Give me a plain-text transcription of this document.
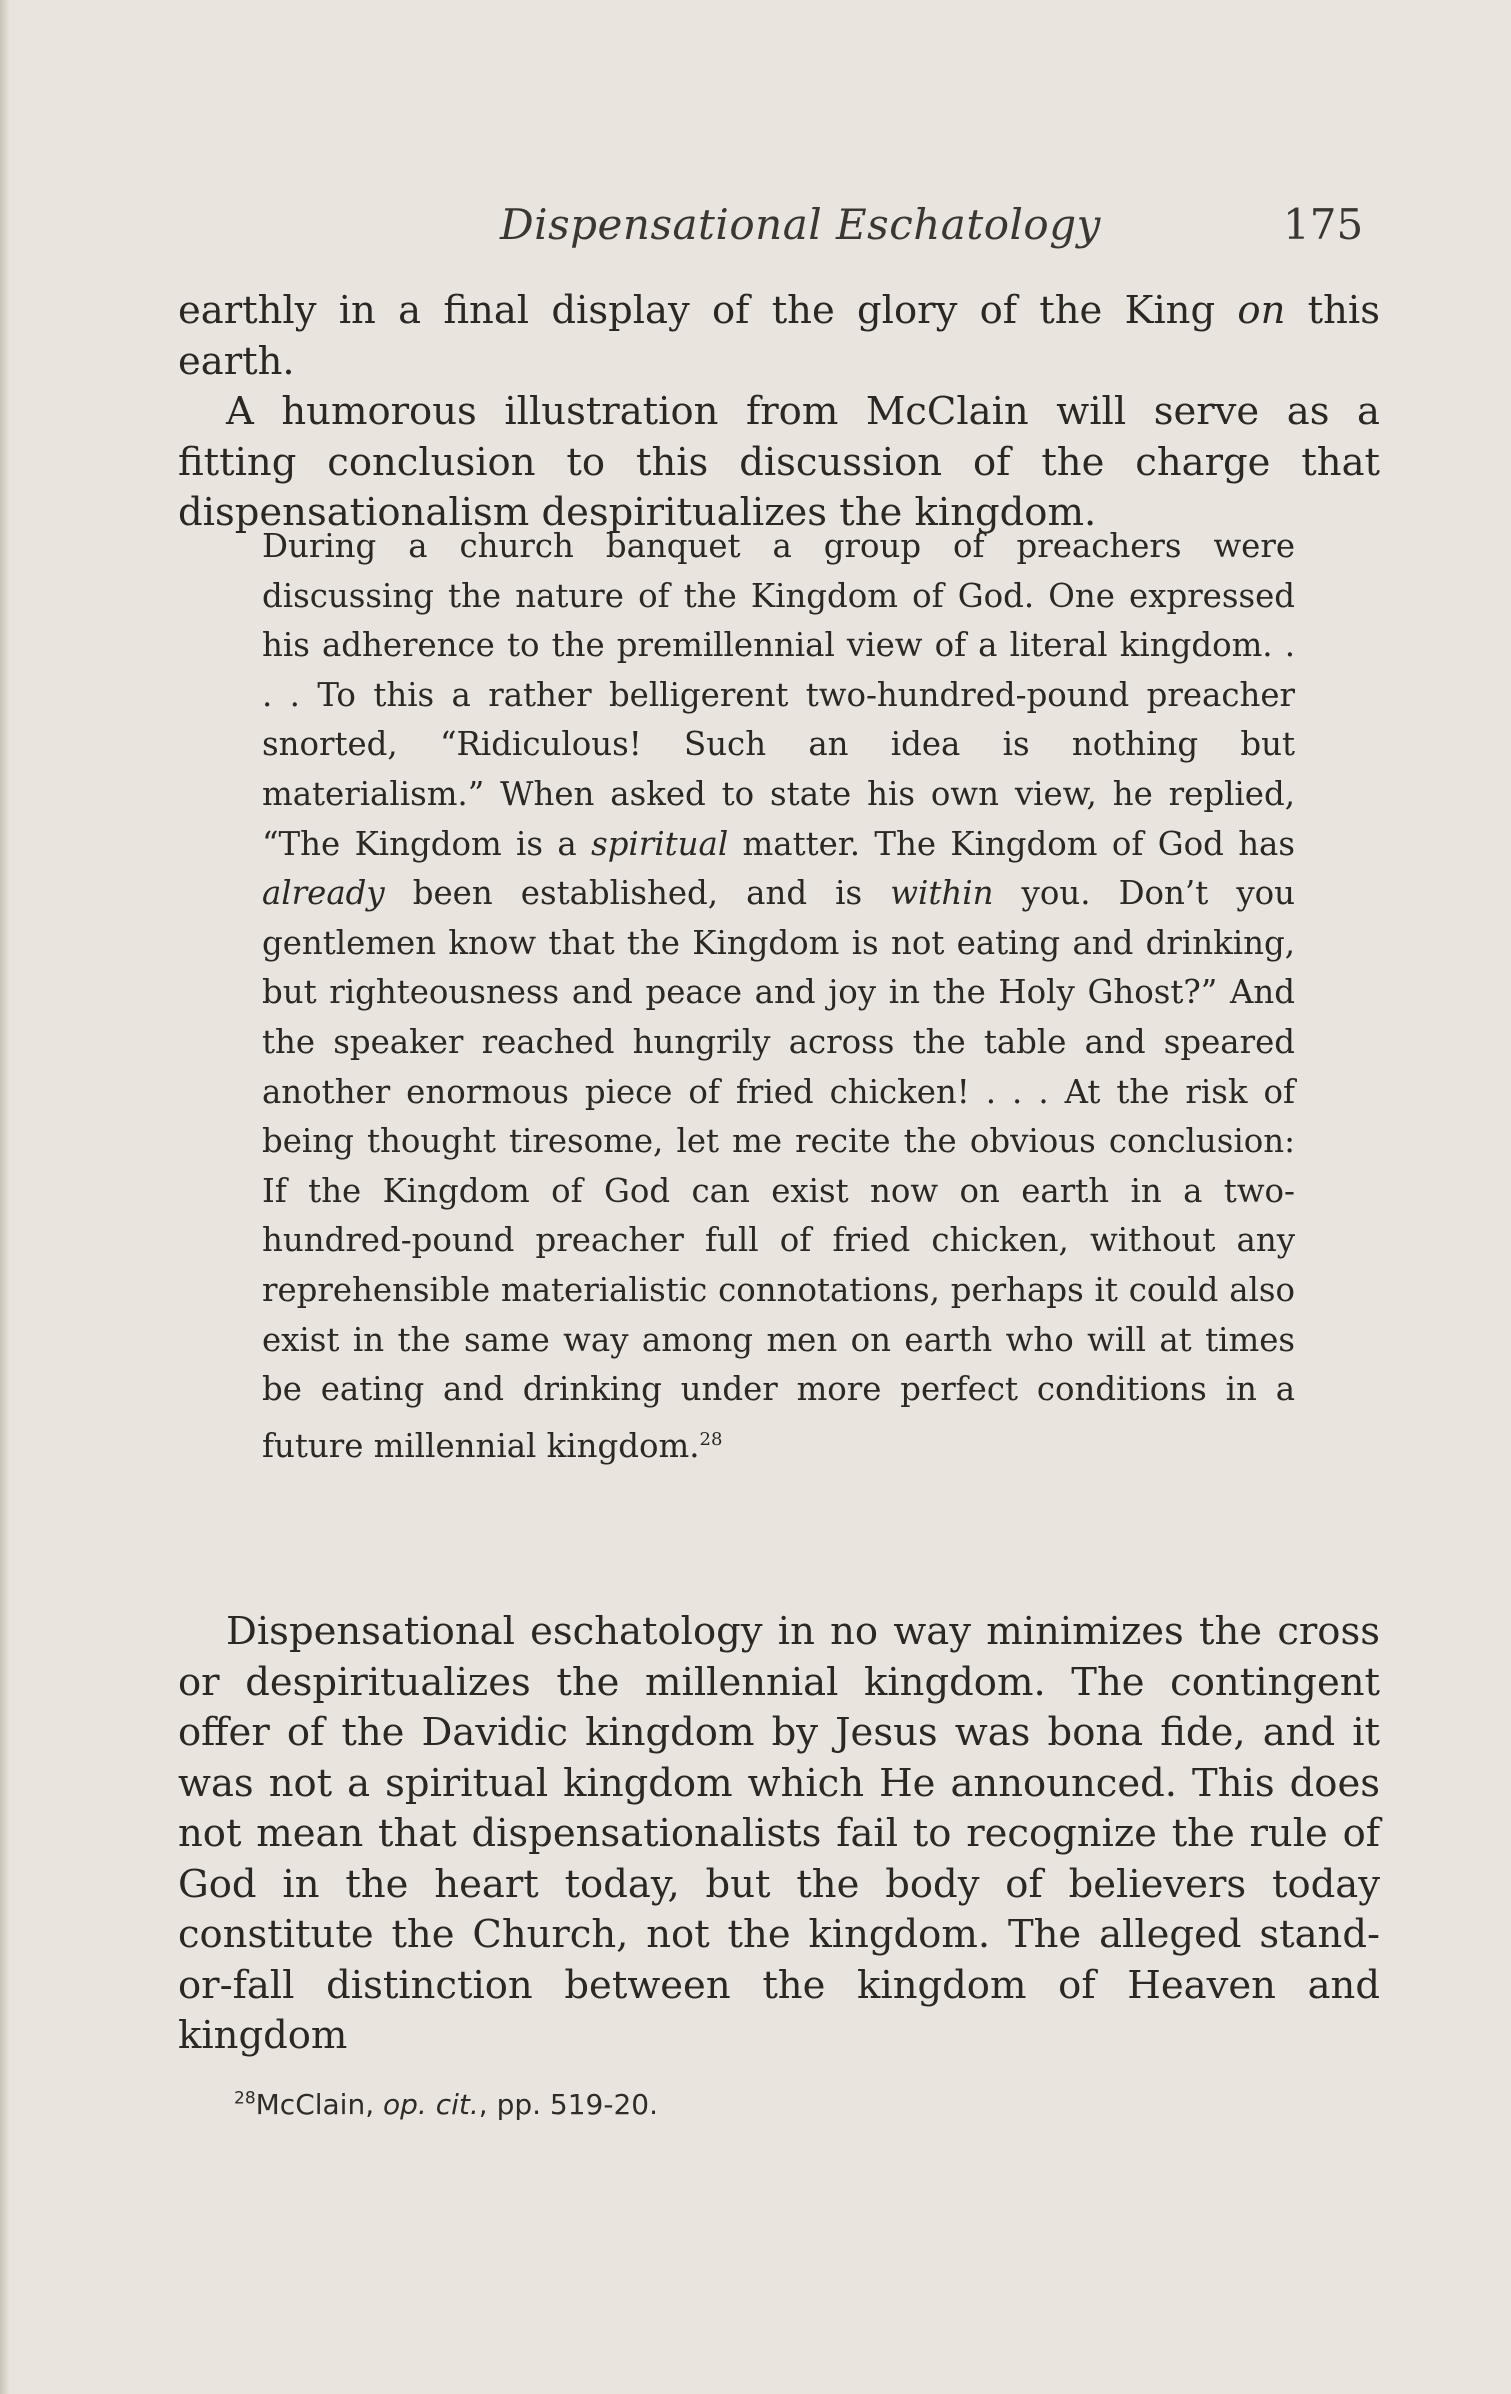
Dispensational Eschatology	175

earthly in a final display of the glory of the King on this earth.

A humorous illustration from McClain will serve as a fitting conclusion to this discussion of the charge that dispensationalism despiritualizes the kingdom.

During a church banquet a group of preachers were discussing the nature of the Kingdom of God. One expressed his adherence to the premillennial view of a literal kingdom. . . . To this a rather belligerent two-hundred-pound preacher snorted, “Ridiculous! Such an idea is nothing but materialism.” When asked to state his own view, he replied, “The Kingdom is a spiritual matter. The Kingdom of God has already been established, and is within you. Don’t you gentlemen know that the Kingdom is not eating and drinking, but righteousness and peace and joy in the Holy Ghost?” And the speaker reached hungrily across the table and speared another enormous piece of fried chicken! . . . At the risk of being thought tiresome, let me recite the obvious conclusion: If the Kingdom of God can exist now on earth in a two-hundred-pound preacher full of fried chicken, without any reprehensible materialistic connotations, perhaps it could also exist in the same way among men on earth who will at times be eating and drinking under more perfect conditions in a future millennial kingdom.$^{28}$

Dispensational eschatology in no way minimizes the cross or despiritualizes the millennial kingdom. The contingent offer of the Davidic kingdom by Jesus was bona fide, and it was not a spiritual kingdom which He announced. This does not mean that dispensationalists fail to recognize the rule of God in the heart today, but the body of believers today constitute the Church, not the kingdom. The alleged stand-or-fall distinction between the kingdom of Heaven and kingdom

$^{28}$McClain, op. cit., pp. 519-20.
